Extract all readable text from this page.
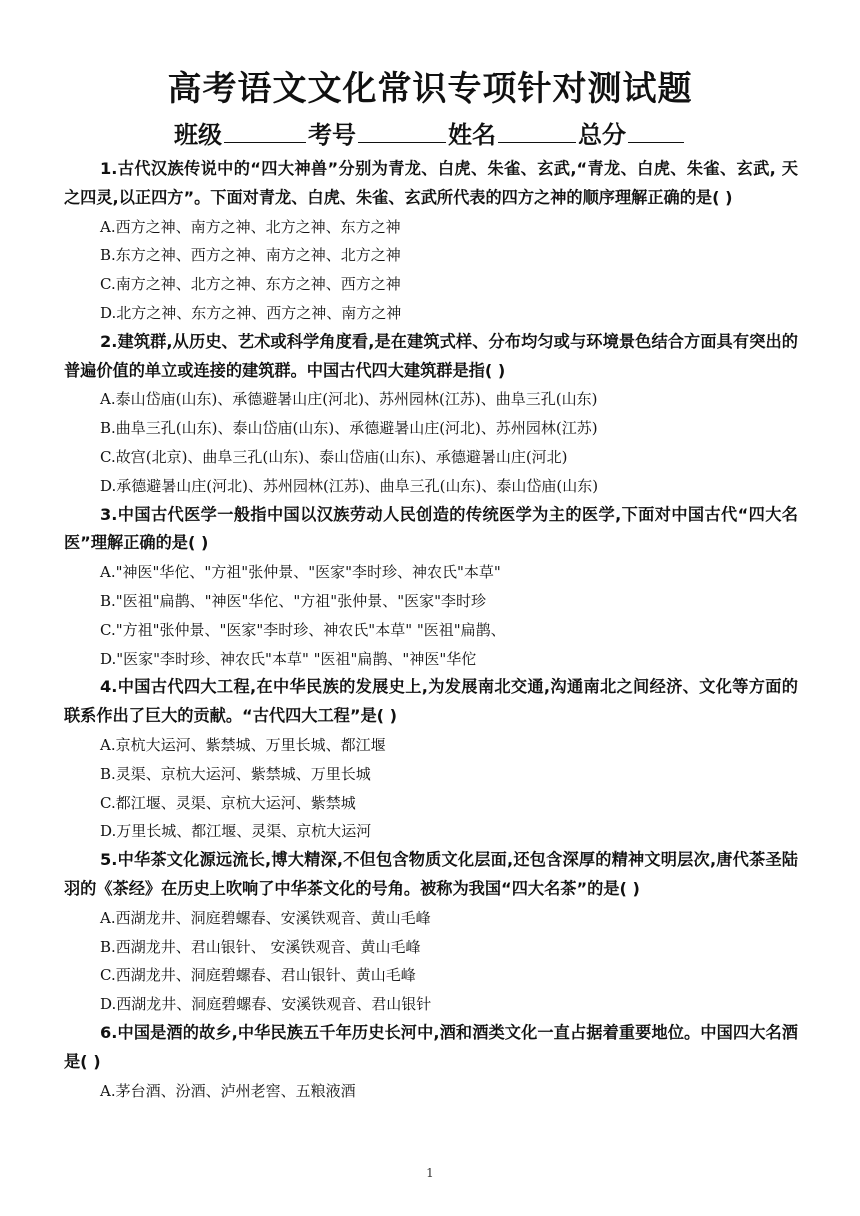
高考语文文化常识专项针对测试题
班级	考号	姓名	总分
1.古代汉族传说中的“四大神兽”分别为青龙、白虎、朱雀、玄武,“青龙、白虎、朱雀、玄武, 天之四灵,以正四方”。下面对青龙、白虎、朱雀、玄武所代表的四方之神的顺序理解正确的是( )
A.西方之神、南方之神、北方之神、东方之神
B.东方之神、西方之神、南方之神、北方之神
C.南方之神、北方之神、东方之神、西方之神
D.北方之神、东方之神、西方之神、南方之神
2.建筑群,从历史、艺术或科学角度看,是在建筑式样、分布均匀或与环境景色结合方面具有突出的普遍价值的单立或连接的建筑群。中国古代四大建筑群是指( )
A.泰山岱庙(山东)、承德避暑山庄(河北)、苏州园林(江苏)、曲阜三孔(山东)
B.曲阜三孔(山东)、泰山岱庙(山东)、承德避暑山庄(河北)、苏州园林(江苏)
C.故宫(北京)、曲阜三孔(山东)、泰山岱庙(山东)、承德避暑山庄(河北)
D.承德避暑山庄(河北)、苏州园林(江苏)、曲阜三孔(山东)、泰山岱庙(山东)
3.中国古代医学一般指中国以汉族劳动人民创造的传统医学为主的医学,下面对中国古代“四大名医”理解正确的是( )
A."神医"华佗、"方祖"张仲景、"医家"李时珍、神农氏"本草"
B."医祖"扁鹊、"神医"华佗、"方祖"张仲景、"医家"李时珍
C."方祖"张仲景、"医家"李时珍、神农氏"本草" "医祖"扁鹊、
D."医家"李时珍、神农氏"本草" "医祖"扁鹊、"神医"华佗
4.中国古代四大工程,在中华民族的发展史上,为发展南北交通,沟通南北之间经济、文化等方面的联系作出了巨大的贡献。“古代四大工程”是( )
A.京杭大运河、紫禁城、万里长城、都江堰
B.灵渠、京杭大运河、紫禁城、万里长城
C.都江堰、灵渠、京杭大运河、紫禁城
D.万里长城、都江堰、灵渠、京杭大运河
5.中华茶文化源远流长,博大精深,不但包含物质文化层面,还包含深厚的精神文明层次,唐代茶圣陆羽的《茶经》在历史上吹响了中华茶文化的号角。被称为我国“四大名茶”的是( )
A.西湖龙井、洞庭碧螺春、安溪铁观音、黄山毛峰
B.西湖龙井、君山银针、 安溪铁观音、黄山毛峰
C.西湖龙井、洞庭碧螺春、君山银针、黄山毛峰
D.西湖龙井、洞庭碧螺春、安溪铁观音、君山银针
6.中国是酒的故乡,中华民族五千年历史长河中,酒和酒类文化一直占据着重要地位。中国四大名酒是( )
A.茅台酒、汾酒、泸州老窖、五粮液酒
1
